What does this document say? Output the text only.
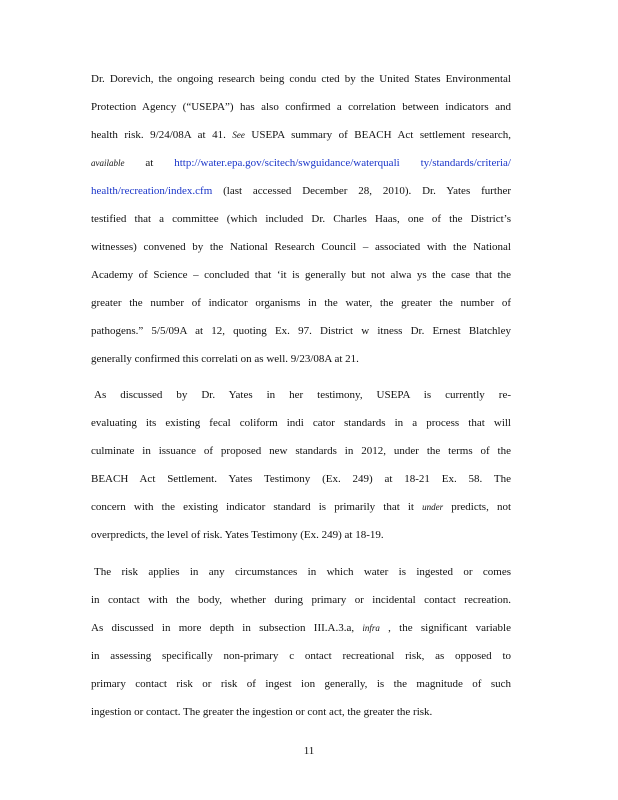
Dr. Dorevich, the ongoing research being condu cted by the United States Environmental
Protection Agency (“USEPA”) has also confirmed a correlation between indicators and
health risk. 9/24/08A at 41. See USEPA summary of BEACH Act settlement research,
available at http://water.epa.gov/scitech/swguidance/waterquali ty/standards/criteria/
health/recreation/index.cfm (last accessed December 28, 2010). Dr. Yates further
testified that a committee (which included Dr. Charles Haas, one of the District’s
witnesses) convened by the National Research Council – associated with the National
Academy of Science – concluded that ‘it is generally but not alwa ys the case that the
greater the number of indicator organisms in the water, the greater the number of
pathogens.” 5/5/09A at 12, quoting Ex. 97. District w itness Dr. Ernest Blatchley
generally confirmed this correlati on as well. 9/23/08A at 21.
As discussed by Dr. Yates in her testimony, USEPA is currently re-
evaluating its existing fecal coliform indi cator standards in a process that will
culminate in issuance of proposed new standards in 2012, under the terms of the
BEACH Act Settlement. Yates Testimony (Ex. 249) at 18-21 Ex. 58. The
concern with the existing indicator standard is primarily that it under predicts, not
overpredicts, the level of risk. Yates Testimony (Ex. 249) at 18-19.
The risk applies in any circumstances in which water is ingested or comes
in contact with the body, whether during primary or incidental contact recreation.
As discussed in more depth in subsection III.A.3.a, infra , the significant variable
in assessing specifically non-primary c ontact recreational risk, as opposed to
primary contact risk or risk of ingest ion generally, is the magnitude of such
ingestion or contact. The greater the ingestion or cont act, the greater the risk.
11
